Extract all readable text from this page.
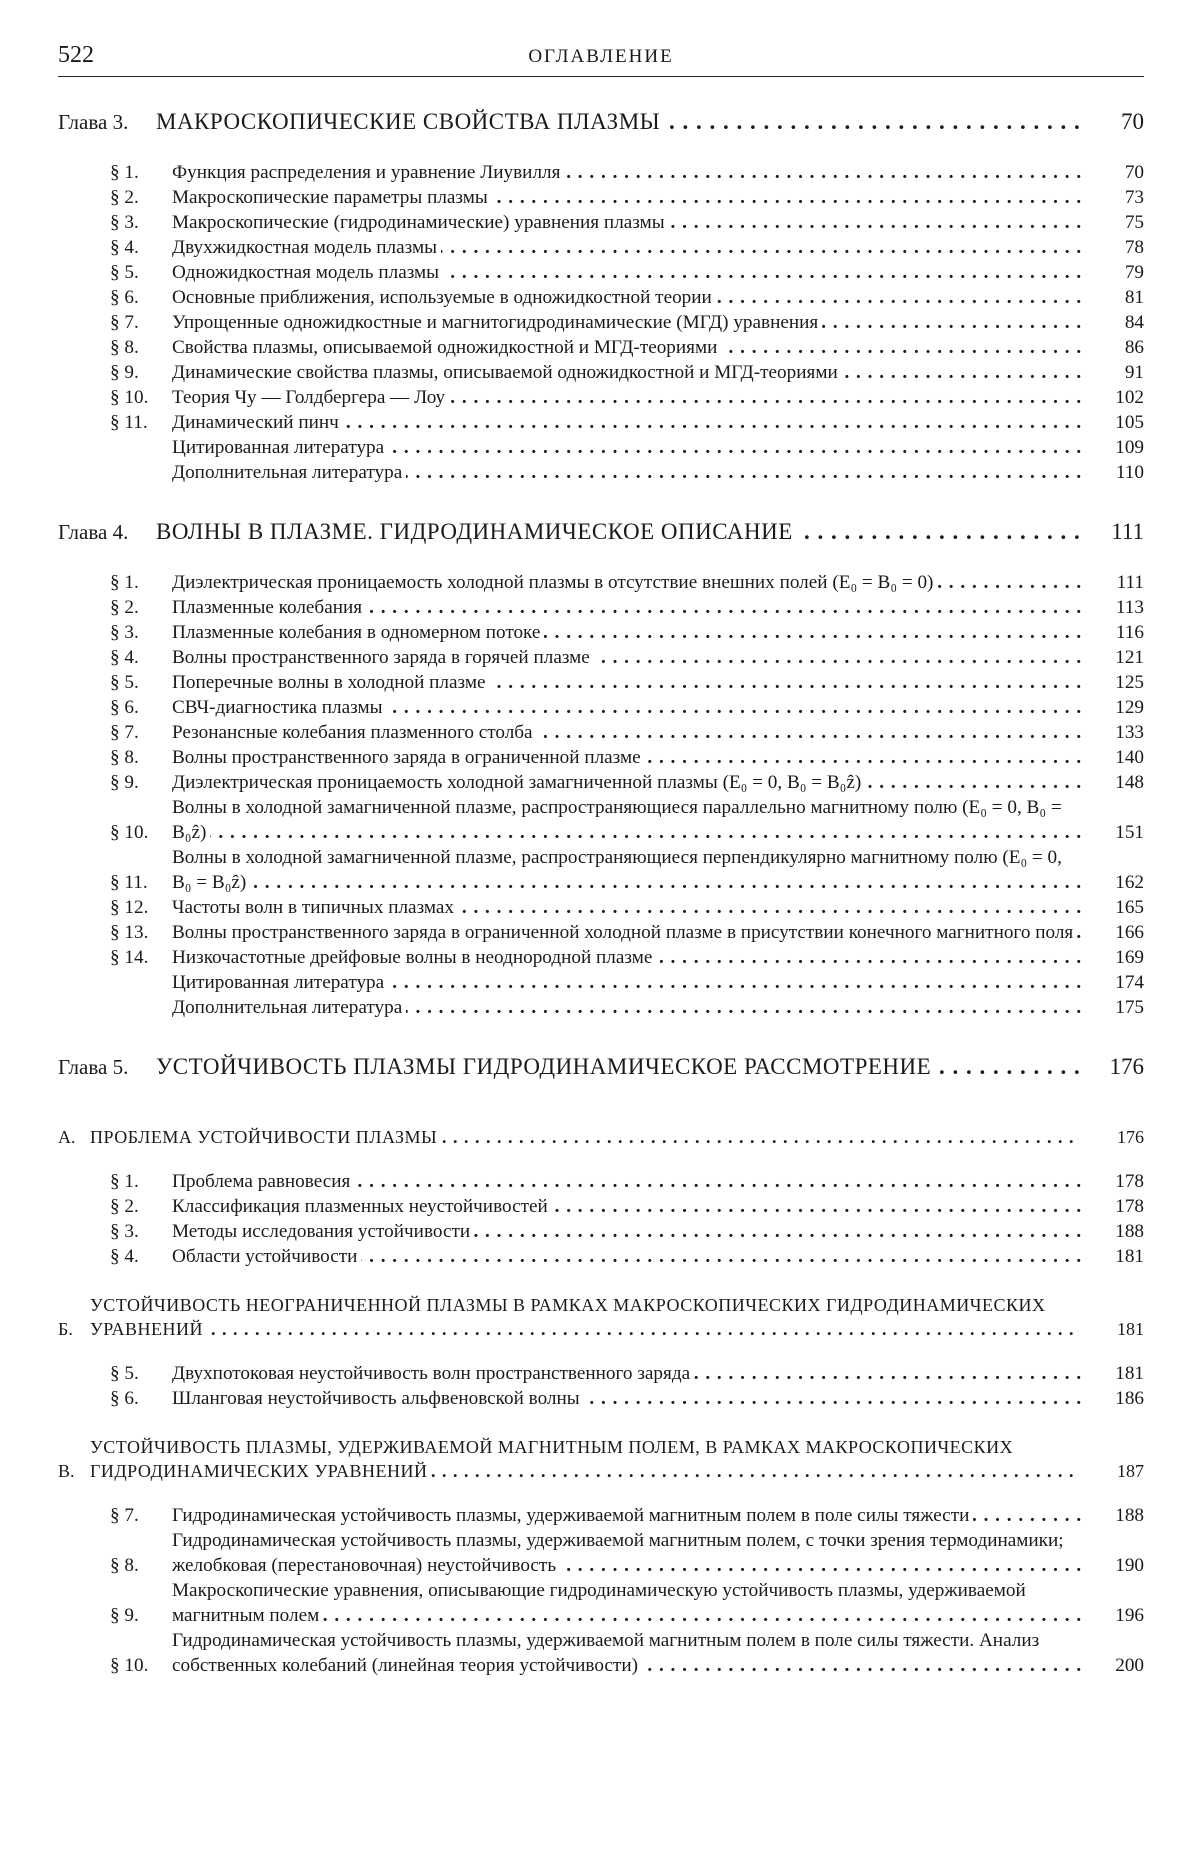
522	ОГЛАВЛЕНИЕ
Глава 3.	МАКРОСКОПИЧЕСКИЕ СВОЙСТВА ПЛАЗМЫ . . .	70
§ 1.	Функция распределения и уравнение Лиувилля . . .	70
§ 2.	Макроскопические параметры плазмы . . .	73
§ 3.	Макроскопические (гидродинамические) уравнения плазмы . . .	75
§ 4.	Двухжидкостная модель плазмы . . .	78
§ 5.	Одножидкостная модель плазмы . . .	79
§ 6.	Основные приближения, используемые в одножидкостной теории . . .	81
§ 7.	Упрощенные одножидкостные и магнитогидродинамические (МГД) уравнения . . .	84
§ 8.	Свойства плазмы, описываемой одножидкостной и МГД-теориями . . .	86
§ 9.	Динамические свойства плазмы, описываемой одножидкостной и МГД-теориями . . .	91
§ 10.	Теория Чу — Голдбергера — Лоу . . .	102
§ 11.	Динамический пинч . . .	105
Цитированная литература . . .	109
Дополнительная литература . . .	110
Глава 4.	ВОЛНЫ В ПЛАЗМЕ. ГИДРОДИНАМИЧЕСКОЕ ОПИСАНИЕ . . .	111
§ 1.	Диэлектрическая проницаемость холодной плазмы в отсутствие внешних полей (E₀ = B₀ = 0) . . .	111
§ 2.	Плазменные колебания . . .	113
§ 3.	Плазменные колебания в одномерном потоке . . .	116
§ 4.	Волны пространственного заряда в горячей плазме . . .	121
§ 5.	Поперечные волны в холодной плазме . . .	125
§ 6.	СВЧ-диагностика плазмы . . .	129
§ 7.	Резонансные колебания плазменного столба . . .	133
§ 8.	Волны пространственного заряда в ограниченной плазме . . .	140
§ 9.	Диэлектрическая проницаемость холодной замагниченной плазмы (E₀ = 0, B₀ = B₀ẑ) . . .	148
§ 10.
Волны в холодной замагниченной плазме, распространяющиеся параллельно магнитному полю (E₀ = 0, B₀ = B₀ẑ) . . .	151
§ 11.
Волны в холодной замагниченной плазме, распространяющиеся перпендикулярно магнитному полю (E₀ = 0, B₀ = B₀ẑ) . . .	162
§ 12.	Частоты волн в типичных плазмах . . .	165
§ 13.	Волны пространственного заряда в ограниченной холодной плазме в присутствии конечного магнитного поля . . .	166
§ 14.	Низкочастотные дрейфовые волны в неоднородной плазме . . .	169
Цитированная литература . . .	174
Дополнительная литература . . .	175
Глава 5.	УСТОЙЧИВОСТЬ ПЛАЗМЫ ГИДРОДИНАМИЧЕСКОЕ РАССМОТРЕНИЕ . . .	176
А. ПРОБЛЕМА УСТОЙЧИВОСТИ ПЛАЗМЫ . . .	176
§ 1.	Проблема равновесия . . .	178
§ 2.	Классификация плазменных неустойчивостей . . .	178
§ 3.	Методы исследования устойчивости . . .	188
§ 4.	Области устойчивости . . .	181
Б.
УСТОЙЧИВОСТЬ НЕОГРАНИЧЕННОЙ ПЛАЗМЫ В РАМКАХ МАКРОСКОПИЧЕСКИХ ГИДРОДИНАМИЧЕСКИХ УРАВНЕНИЙ . . .	181
§ 5.	Двухпотоковая неустойчивость волн пространственного заряда . . .	181
§ 6.	Шланговая неустойчивость альфвеновской волны . . .	186
В.
УСТОЙЧИВОСТЬ ПЛАЗМЫ, УДЕРЖИВАЕМОЙ МАГНИТНЫМ ПОЛЕМ, В РАМКАХ МАКРОСКОПИЧЕСКИХ ГИДРОДИНАМИЧЕСКИХ УРАВНЕНИЙ . . .	187
§ 7.	Гидродинамическая устойчивость плазмы, удерживаемой магнитным полем в поле силы тяжести . . .	188
§ 8.
Гидродинамическая устойчивость плазмы, удерживаемой магнитным полем, с точки зрения термодинамики; желобковая (перестановочная) неустойчивость . . .	190
§ 9.
Макроскопические уравнения, описывающие гидродинамическую устойчивость плазмы, удерживаемой магнитным полем . . .	196
§ 10.
Гидродинамическая устойчивость плазмы, удерживаемой магнитным полем в поле силы тяжести. Анализ собственных колебаний (линейная теория устойчивости) . . .	200
